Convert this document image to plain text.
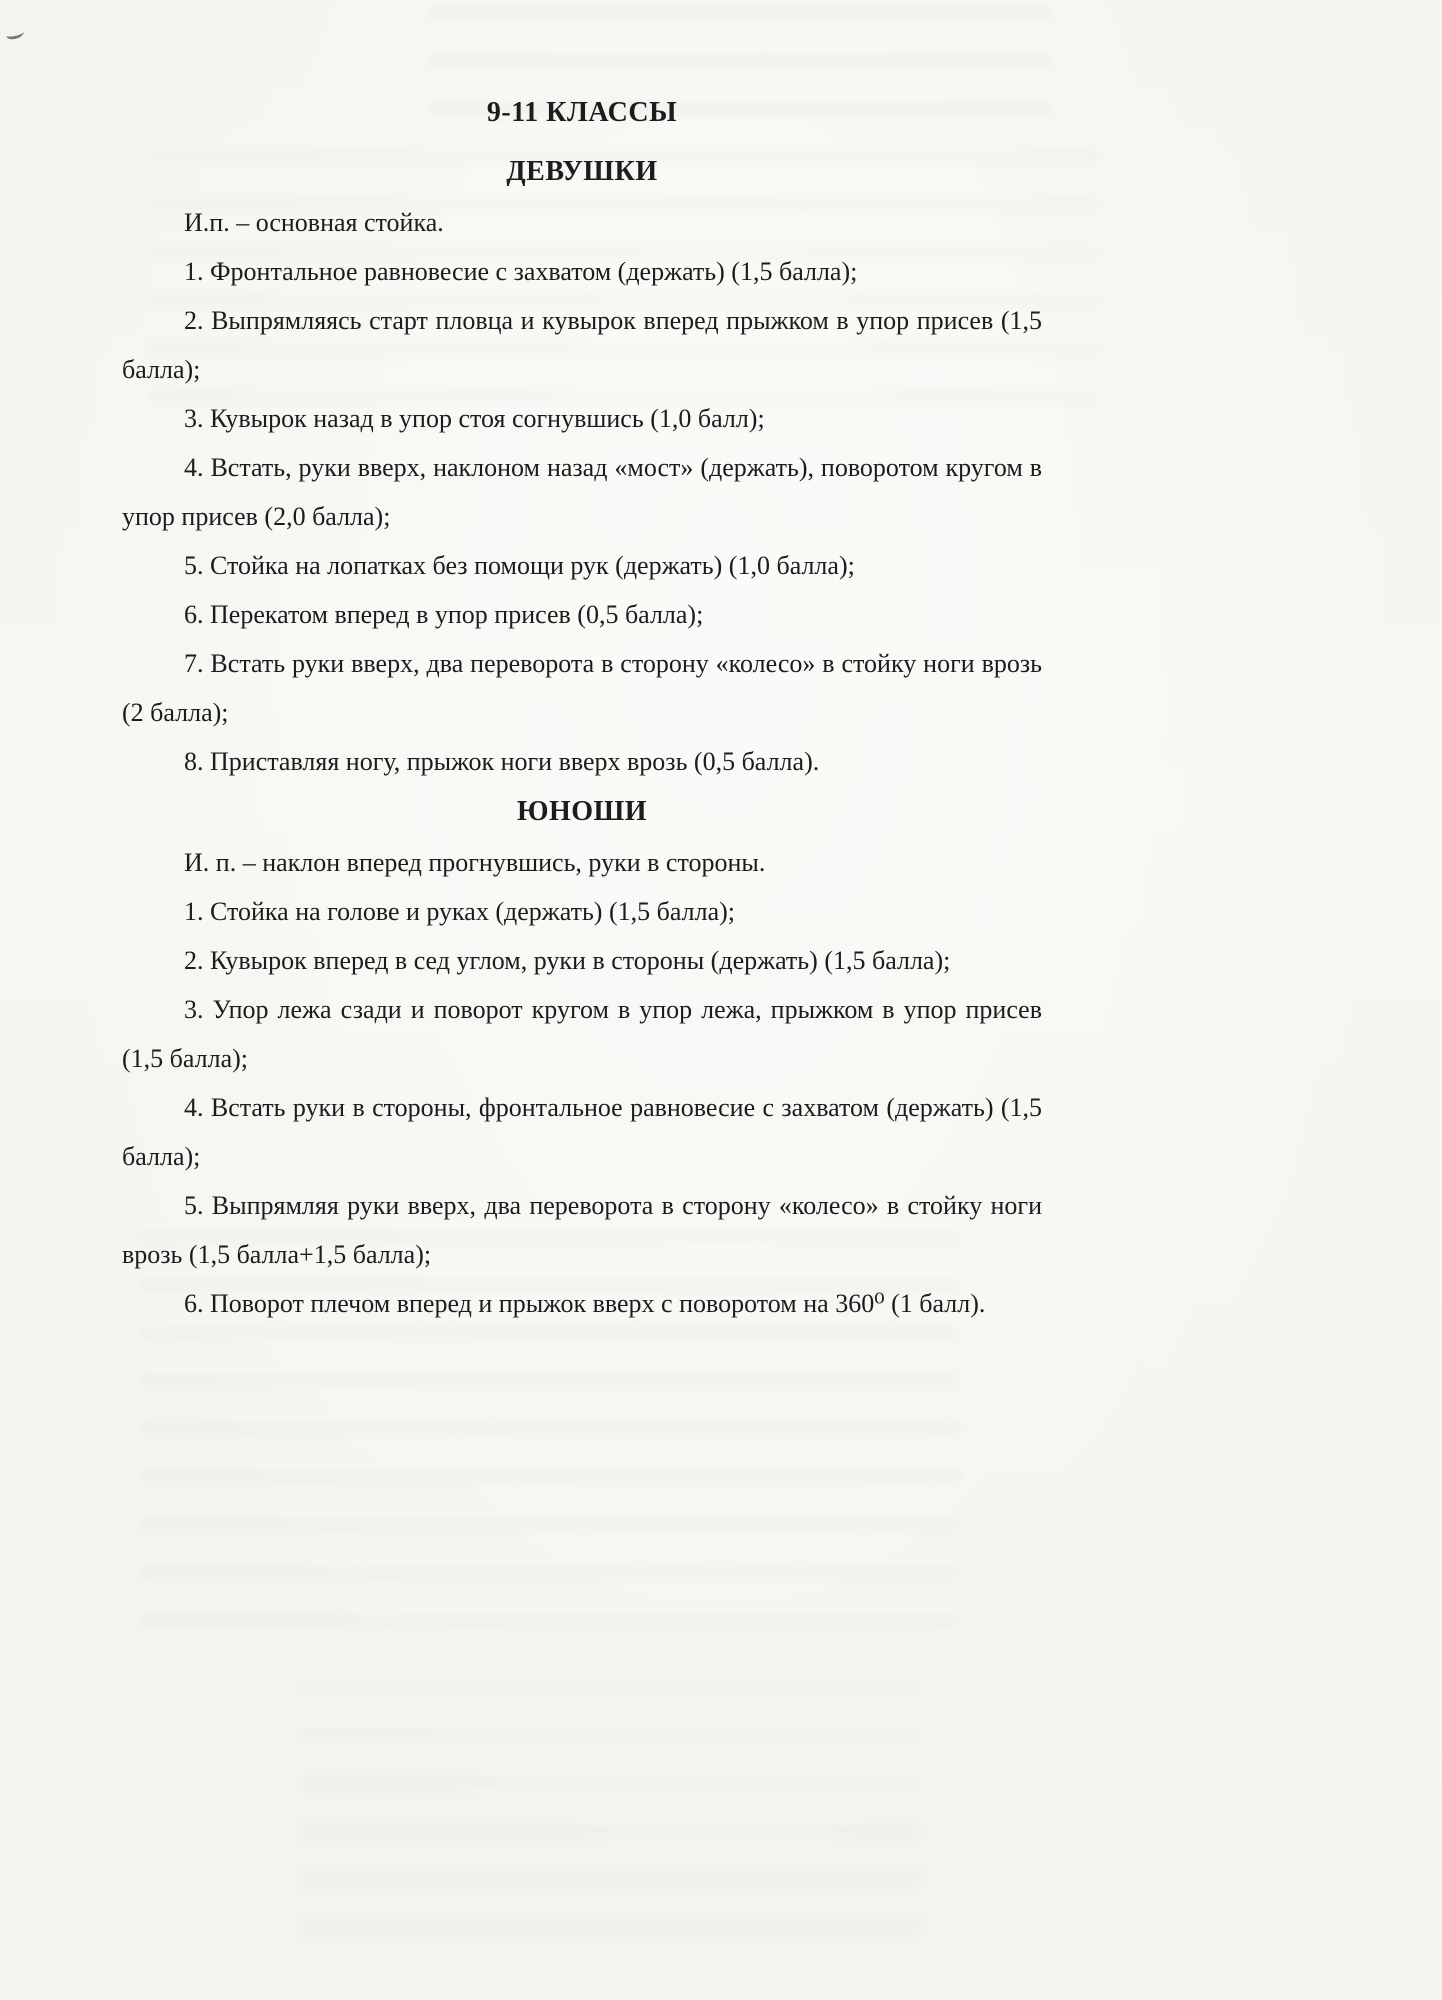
9-11 КЛАССЫ
ДЕВУШКИ

И.п. – основная стойка.

1. Фронтальное равновесие с захватом (держать) (1,5 балла);

2. Выпрямляясь старт пловца и кувырок вперед прыжком в упор присев (1,5 балла);

3. Кувырок назад в упор стоя согнувшись (1,0 балл);

4. Встать, руки вверх, наклоном назад «мост» (держать), поворотом кругом в упор присев (2,0 балла);

5. Стойка на лопатках без помощи рук (держать) (1,0 балла);

6. Перекатом вперед в упор присев (0,5 балла);

7. Встать руки вверх, два переворота в сторону «колесо» в стойку ноги врозь (2 балла);

8. Приставляя ногу, прыжок ноги вверх врозь (0,5 балла).

ЮНОШИ

И. п. – наклон вперед прогнувшись, руки в стороны.

1. Стойка на голове и руках (держать) (1,5 балла);

2. Кувырок вперед в сед углом, руки в стороны (держать) (1,5 балла);

3. Упор лежа сзади и поворот кругом в упор лежа, прыжком в упор присев (1,5 балла);

4. Встать руки в стороны, фронтальное равновесие с захватом (держать) (1,5 балла);

5. Выпрямляя руки вверх, два переворота в сторону «колесо» в стойку ноги врозь (1,5 балла+1,5 балла);

6. Поворот плечом вперед и прыжок вверх с поворотом на 360⁰ (1 балл).
